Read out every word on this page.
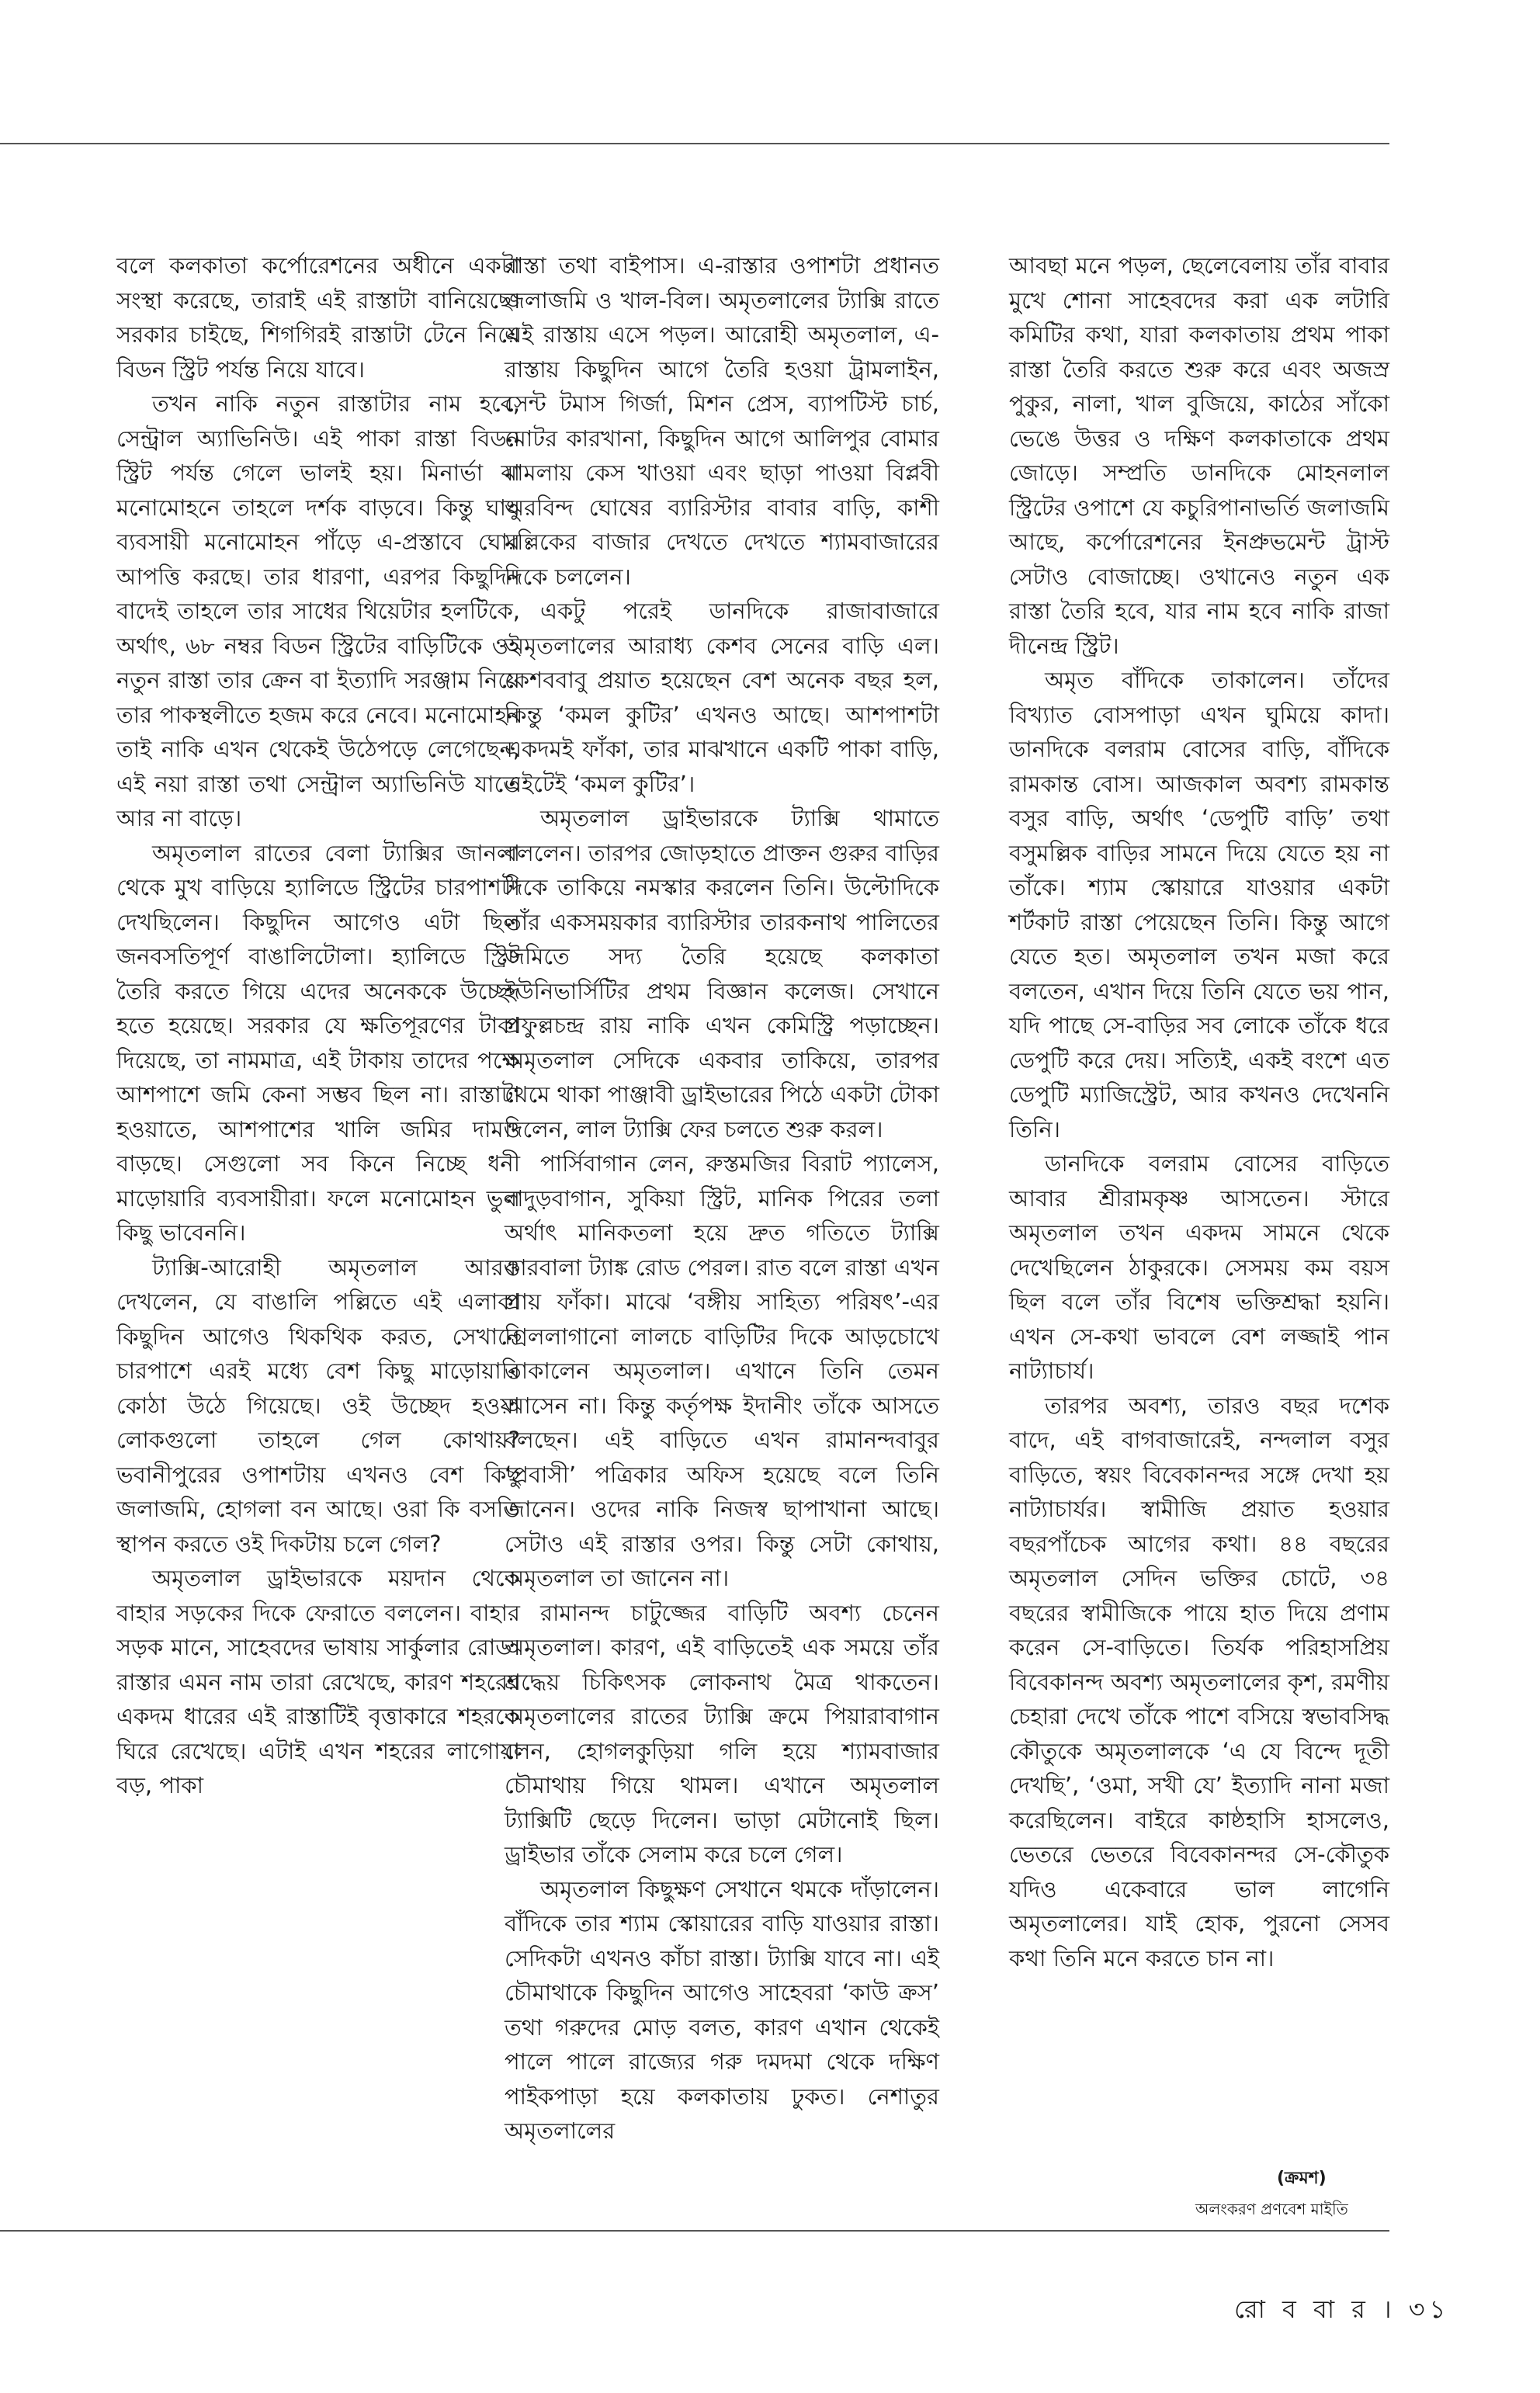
বলে কলকাতা কর্পোরেশনের অধীনে একটা সংস্থা করেছে, তারাই এই রাস্তাটা বানিয়েছে। সরকার চাইছে, শিগগিরই রাস্তাটা টেনে নিয়ে বিডন স্ট্রিট পর্যন্ত নিয়ে যাবে।

তখন নাকি নতুন রাস্তাটার নাম হবে, সেন্ট্রাল অ্যাভিনিউ। এই পাকা রাস্তা বিডন স্ট্রিট পর্যন্ত গেলে ভালই হয়। মিনার্ভা বা মনোমোহনে তাহলে দর্শক বাড়বে। কিন্তু ঘাঘু ব্যবসায়ী মনোমোহন পাঁড়ে এ-প্রস্তাবে ঘোর আপত্তি করছে। তার ধারণা, এরপর কিছুদিন বাদেই তাহলে তার সাধের থিয়েটার হলটিকে, অর্থাৎ, ৬৮ নম্বর বিডন স্ট্রিটের বাড়িটিকে ওই নতুন রাস্তা তার ক্রেন বা ইত্যাদি সরঞ্জাম নিয়ে তার পাকস্থলীতে হজম করে নেবে। মনোমোহন তাই নাকি এখন থেকেই উঠেপড়ে লেগেছেন, এই নয়া রাস্তা তথা সেন্ট্রাল অ্যাভিনিউ যাতে আর না বাড়ে।

অমৃতলাল রাতের বেলা ট্যাক্সির জানলা থেকে মুখ বাড়িয়ে হ্যালিডে স্ট্রিটের চারপাশটা দেখছিলেন। কিছুদিন আগেও এটা ছিল জনবসতিপূর্ণ বাঙালিটোলা। হ্যালিডে স্ট্রিট তৈরি করতে গিয়ে এদের অনেককে উচ্ছেদ হতে হয়েছে। সরকার যে ক্ষতিপূরণের টাকা দিয়েছে, তা নামমাত্র, এই টাকায় তাদের পক্ষে আশপাশে জমি কেনা সম্ভব ছিল না। রাস্তাটা হওয়াতে, আশপাশের খালি জমির দামও বাড়ছে। সেগুলো সব কিনে নিচ্ছে ধনী মাড়োয়ারি ব্যবসায়ীরা। ফলে মনোমোহন ভুল কিছু ভাবেননি।

ট্যাক্সি-আরোহী অমৃতলাল আরও দেখলেন, যে বাঙালি পল্লিতে এই এলাকা কিছুদিন আগেও থিকথিক করত, সেখানে চারপাশে এরই মধ্যে বেশ কিছু মাড়োয়ারি কোঠা উঠে গিয়েছে। ওই উচ্ছেদ হওয়া লোকগুলো তাহলে গেল কোথায়? ভবানীপুরের ওপাশটায় এখনও বেশ কিছু জলাজমি, হোগলা বন আছে। ওরা কি বসতি স্থাপন করতে ওই দিকটায় চলে গেল?

অমৃতলাল ড্রাইভারকে ময়দান থেকে বাহার সড়কের দিকে ফেরাতে বললেন। বাহার সড়ক মানে, সাহেবদের ভাষায় সার্কুলার রোড। রাস্তার এমন নাম তারা রেখেছে, কারণ শহরের একদম ধারের এই রাস্তাটিই বৃত্তাকারে শহরকে ঘিরে রেখেছে। এটাই এখন শহরের লাগোয়া বড়, পাকা

রাস্তা তথা বাইপাস। এ-রাস্তার ওপাশটা প্রধানত জলাজমি ও খাল-বিল। অমৃতলালের ট্যাক্সি রাতে এই রাস্তায় এসে পড়ল। আরোহী অমৃতলাল, এ-রাস্তায় কিছুদিন আগে তৈরি হওয়া ট্রামলাইন, সেন্ট টমাস গির্জা, মিশন প্রেস, ব্যাপটিস্ট চার্চ, মোটর কারখানা, কিছুদিন আগে আলিপুর বোমার মামলায় কেস খাওয়া এবং ছাড়া পাওয়া বিপ্লবী অরবিন্দ ঘোষের ব্যারিস্টার বাবার বাড়ি, কাশী মল্লিকের বাজার দেখতে দেখতে শ্যামবাজারের দিকে চললেন।

একটু পরেই ডানদিকে রাজাবাজারে অমৃতলালের আরাধ্য কেশব সেনের বাড়ি এল। কেশববাবু প্রয়াত হয়েছেন বেশ অনেক বছর হল, কিন্তু ‘কমল কুটির’ এখনও আছে। আশপাশটা একদমই ফাঁকা, তার মাঝখানে একটি পাকা বাড়ি, এইটেই ‘কমল কুটির’।

অমৃতলাল ড্রাইভারকে ট্যাক্সি থামাতে বললেন। তারপর জোড়হাতে প্রাক্তন গুরুর বাড়ির দিকে তাকিয়ে নমস্কার করলেন তিনি। উল্টোদিকে তাঁর একসময়কার ব্যারিস্টার তারকনাথ পালিতের জমিতে সদ্য তৈরি হয়েছে কলকাতা ইউনিভার্সিটির প্রথম বিজ্ঞান কলেজ। সেখানে প্রফুল্লচন্দ্র রায় নাকি এখন কেমিস্ট্রি পড়াচ্ছেন। অমৃতলাল সেদিকে একবার তাকিয়ে, তারপর থেমে থাকা পাঞ্জাবী ড্রাইভারের পিঠে একটা টোকা দিলেন, লাল ট্যাক্সি ফের চলতে শুরু করল।

পার্সিবাগান লেন, রুস্তমজির বিরাট প্যালেস, বাদুড়বাগান, সুকিয়া স্ট্রিট, মানিক পিরের তলা অর্থাৎ মানিকতলা হয়ে দ্রুত গতিতে ট্যাক্সি কারবালা ট্যাঙ্ক রোড পেরল। রাত বলে রাস্তা এখন প্রায় ফাঁকা। মাঝে ‘বঙ্গীয় সাহিত্য পরিষৎ’-এর গ্রিললাগানো লালচে বাড়িটির দিকে আড়চোখে তাকালেন অমৃতলাল। এখানে তিনি তেমন আসেন না। কিন্তু কর্তৃপক্ষ ইদানীং তাঁকে আসতে বলছেন। এই বাড়িতে এখন রামানন্দবাবুর ‘প্রবাসী’ পত্রিকার অফিস হয়েছে বলে তিনি জানেন। ওদের নাকি নিজস্ব ছাপাখানা আছে। সেটাও এই রাস্তার ওপর। কিন্তু সেটা কোথায়, অমৃতলাল তা জানেন না।

রামানন্দ চাটুজ্জের বাড়িটি অবশ্য চেনেন অমৃতলাল। কারণ, এই বাড়িতেই এক সময়ে তাঁর শ্রদ্ধেয় চিকিৎসক লোকনাথ মৈত্র থাকতেন। অমৃতলালের রাতের ট্যাক্সি ক্রমে পিয়ারাবাগান লেন, হোগলকুড়িয়া গলি হয়ে শ্যামবাজার চৌমাথায় গিয়ে থামল। এখানে অমৃতলাল ট্যাক্সিটি ছেড়ে দিলেন। ভাড়া মেটানোই ছিল। ড্রাইভার তাঁকে সেলাম করে চলে গেল।

অমৃতলাল কিছুক্ষণ সেখানে থমকে দাঁড়ালেন। বাঁদিকে তার শ্যাম স্কোয়ারের বাড়ি যাওয়ার রাস্তা। সেদিকটা এখনও কাঁচা রাস্তা। ট্যাক্সি যাবে না। এই চৌমাথাকে কিছুদিন আগেও সাহেবরা ‘কাউ ক্রস’ তথা গরুদের মোড় বলত, কারণ এখান থেকেই পালে পালে রাজ্যের গরু দমদমা থেকে দক্ষিণ পাইকপাড়া হয়ে কলকাতায় ঢুকত। নেশাতুর অমৃতলালের

আবছা মনে পড়ল, ছেলেবেলায় তাঁর বাবার মুখে শোনা সাহেবদের করা এক লটারি কমিটির কথা, যারা কলকাতায় প্রথম পাকা রাস্তা তৈরি করতে শুরু করে এবং অজস্র পুকুর, নালা, খাল বুজিয়ে, কাঠের সাঁকো ভেঙে উত্তর ও দক্ষিণ কলকাতাকে প্রথম জোড়ে। সম্প্রতি ডানদিকে মোহনলাল স্ট্রিটের ওপাশে যে কচুরিপানাভর্তি জলাজমি আছে, কর্পোরেশনের ইনপ্রুভমেন্ট ট্রাস্ট সেটাও বোজাচ্ছে। ওখানেও নতুন এক রাস্তা তৈরি হবে, যার নাম হবে নাকি রাজা দীনেন্দ্র স্ট্রিট।

অমৃত বাঁদিকে তাকালেন। তাঁদের বিখ্যাত বোসপাড়া এখন ঘুমিয়ে কাদা। ডানদিকে বলরাম বোসের বাড়ি, বাঁদিকে রামকান্ত বোস। আজকাল অবশ্য রামকান্ত বসুর বাড়ি, অর্থাৎ ‘ডেপুটি বাড়ি’ তথা বসুমল্লিক বাড়ির সামনে দিয়ে যেতে হয় না তাঁকে। শ্যাম স্কোয়ারে যাওয়ার একটা শর্টকাট রাস্তা পেয়েছেন তিনি। কিন্তু আগে যেতে হত। অমৃতলাল তখন মজা করে বলতেন, এখান দিয়ে তিনি যেতে ভয় পান, যদি পাছে সে-বাড়ির সব লোকে তাঁকে ধরে ডেপুটি করে দেয়। সত্যিই, একই বংশে এত ডেপুটি ম্যাজিস্ট্রেট, আর কখনও দেখেননি তিনি।

ডানদিকে বলরাম বোসের বাড়িতে আবার শ্রীরামকৃষ্ণ আসতেন। স্টারে অমৃতলাল তখন একদম সামনে থেকে দেখেছিলেন ঠাকুরকে। সেসময় কম বয়স ছিল বলে তাঁর বিশেষ ভক্তিশ্রদ্ধা হয়নি। এখন সে-কথা ভাবলে বেশ লজ্জাই পান নাট্যাচার্য।

তারপর অবশ্য, তারও বছর দশেক বাদে, এই বাগবাজারেই, নন্দলাল বসুর বাড়িতে, স্বয়ং বিবেকানন্দর সঙ্গে দেখা হয় নাট্যাচার্যর। স্বামীজি প্রয়াত হওয়ার বছরপাঁচেক আগের কথা। ৪৪ বছরের অমৃতলাল সেদিন ভক্তির চোটে, ৩৪ বছরের স্বামীজিকে পায়ে হাত দিয়ে প্রণাম করেন সে-বাড়িতে। তির্যক পরিহাসপ্রিয় বিবেকানন্দ অবশ্য অমৃতলালের কৃশ, রমণীয় চেহারা দেখে তাঁকে পাশে বসিয়ে স্বভাবসিদ্ধ কৌতুকে অমৃতলালকে ‘এ যে বিন্দে দূতী দেখছি’, ‘ওমা, সখী যে’ ইত্যাদি নানা মজা করেছিলেন। বাইরে কাষ্ঠহাসি হাসলেও, ভেতরে ভেতরে বিবেকানন্দর সে-কৌতুক যদিও একেবারে ভাল লাগেনি অমৃতলালের। যাই হোক, পুরনো সেসব কথা তিনি মনে করতে চান না।

(ক্রমশ)
অলংকরণ প্রণবেশ মাইতি
রো ব বা র । ৩১
